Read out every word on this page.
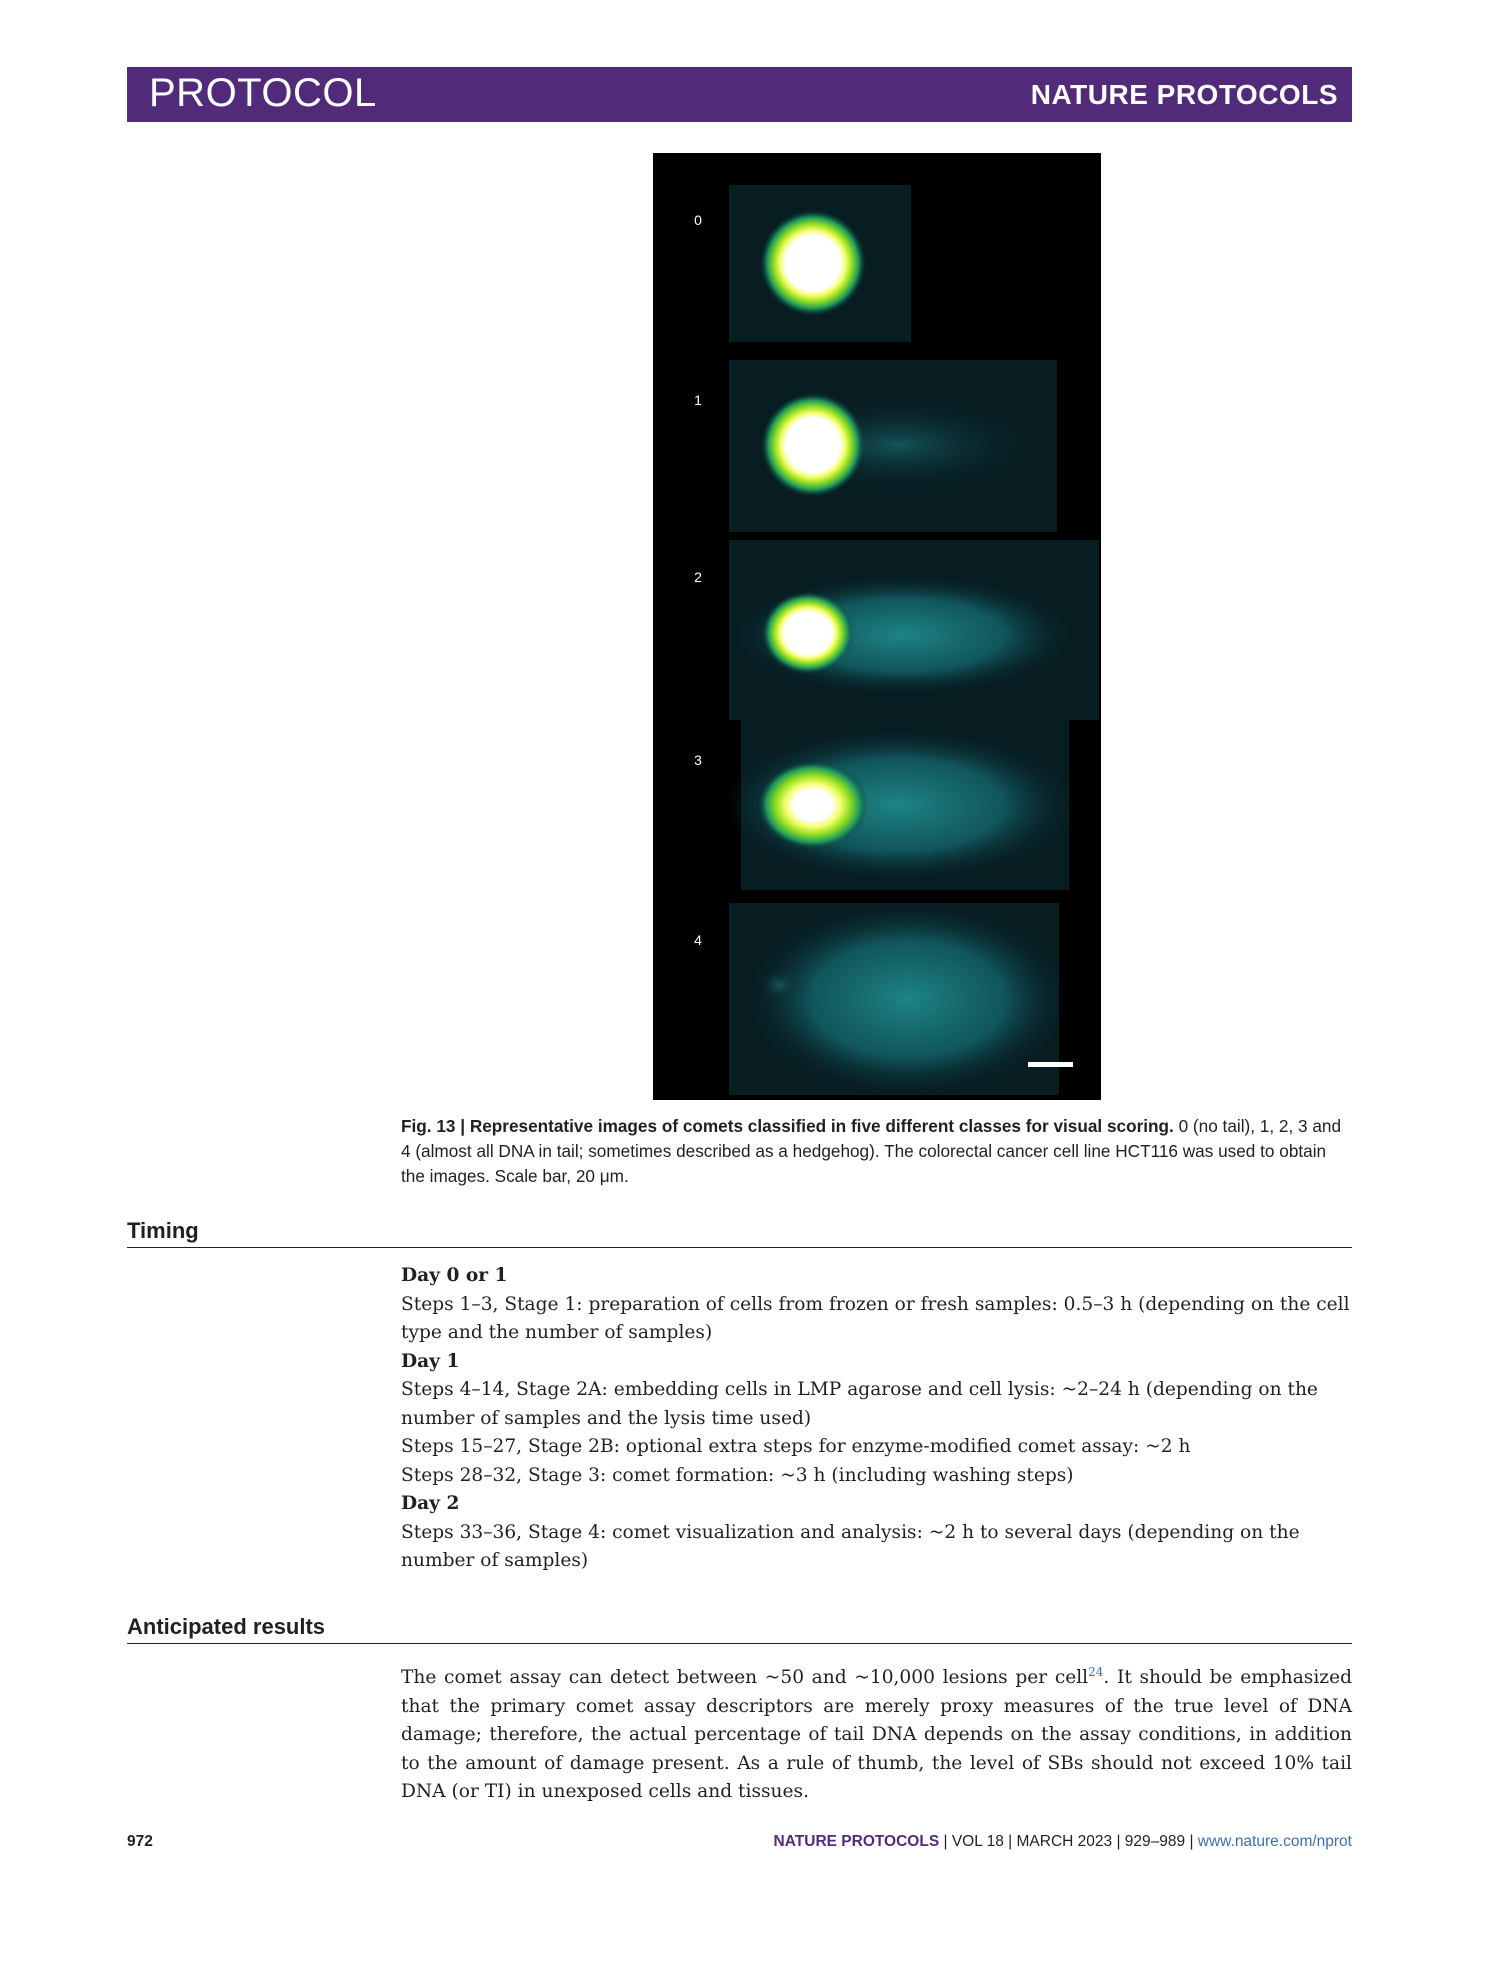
PROTOCOL	NATURE PROTOCOLS
0
1
2
3
4
Fig. 13 | Representative images of comets classified in five different classes for visual scoring. 0 (no tail), 1, 2, 3 and 4 (almost all DNA in tail; sometimes described as a hedgehog). The colorectal cancer cell line HCT116 was used to obtain the images. Scale bar, 20 μm.
Timing

Day 0 or 1

Steps 1–3, Stage 1: preparation of cells from frozen or fresh samples: 0.5–3 h (depending on the cell type and the number of samples)

Day 1

Steps 4–14, Stage 2A: embedding cells in LMP agarose and cell lysis: ~2–24 h (depending on the number of samples and the lysis time used)

Steps 15–27, Stage 2B: optional extra steps for enzyme-modified comet assay: ~2 h

Steps 28–32, Stage 3: comet formation: ~3 h (including washing steps)

Day 2

Steps 33–36, Stage 4: comet visualization and analysis: ~2 h to several days (depending on the number of samples)

Anticipated results
The comet assay can detect between ~50 and ~10,000 lesions per cell$^{24}$. It should be emphasized that the primary comet assay descriptors are merely proxy measures of the true level of DNA damage; therefore, the actual percentage of tail DNA depends on the assay conditions, in addition to the amount of damage present. As a rule of thumb, the level of SBs should not exceed 10% tail DNA (or TI) in unexposed cells and tissues.
972	NATURE PROTOCOLS | VOL 18 | MARCH 2023 | 929–989 | www.nature.com/nprot
